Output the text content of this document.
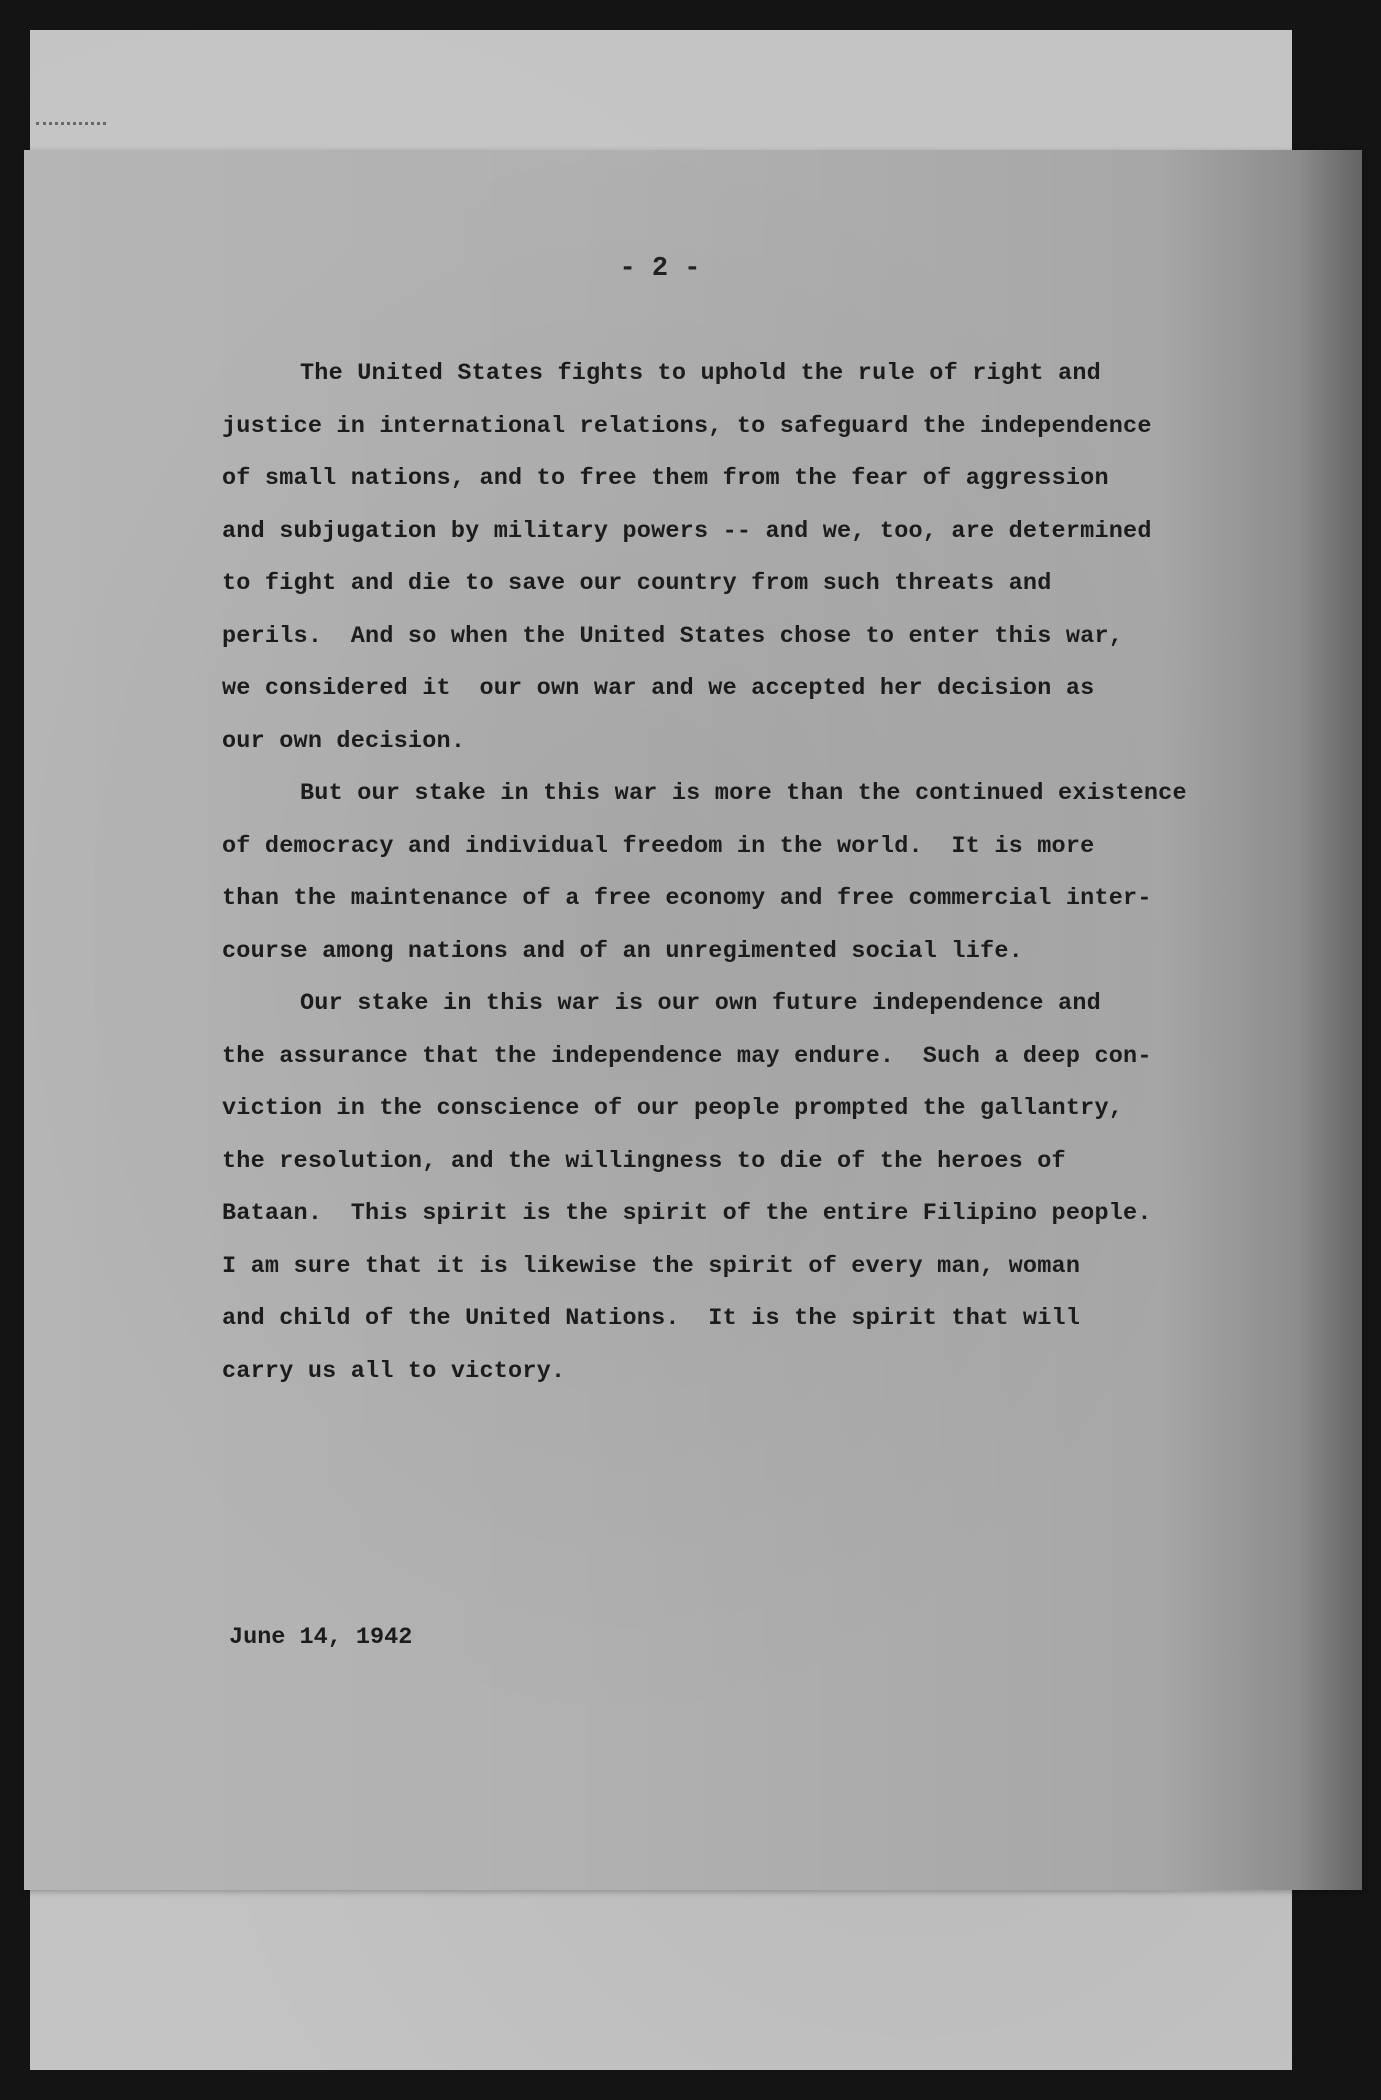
- 2 -
The United States fights to uphold the rule of right and
justice in international relations, to safeguard the independence
of small nations, and to free them from the fear of aggression
and subjugation by military powers -- and we, too, are determined
to fight and die to save our country from such threats and
perils.  And so when the United States chose to enter this war,
we considered it  our own war and we accepted her decision as
our own decision.
But our stake in this war is more than the continued existence
of democracy and individual freedom in the world.  It is more
than the maintenance of a free economy and free commercial inter-
course among nations and of an unregimented social life.
Our stake in this war is our own future independence and
the assurance that the independence may endure.  Such a deep con-
viction in the conscience of our people prompted the gallantry,
the resolution, and the willingness to die of the heroes of
Bataan.  This spirit is the spirit of the entire Filipino people.
I am sure that it is likewise the spirit of every man, woman
and child of the United Nations.  It is the spirit that will
carry us all to victory.
June 14, 1942
